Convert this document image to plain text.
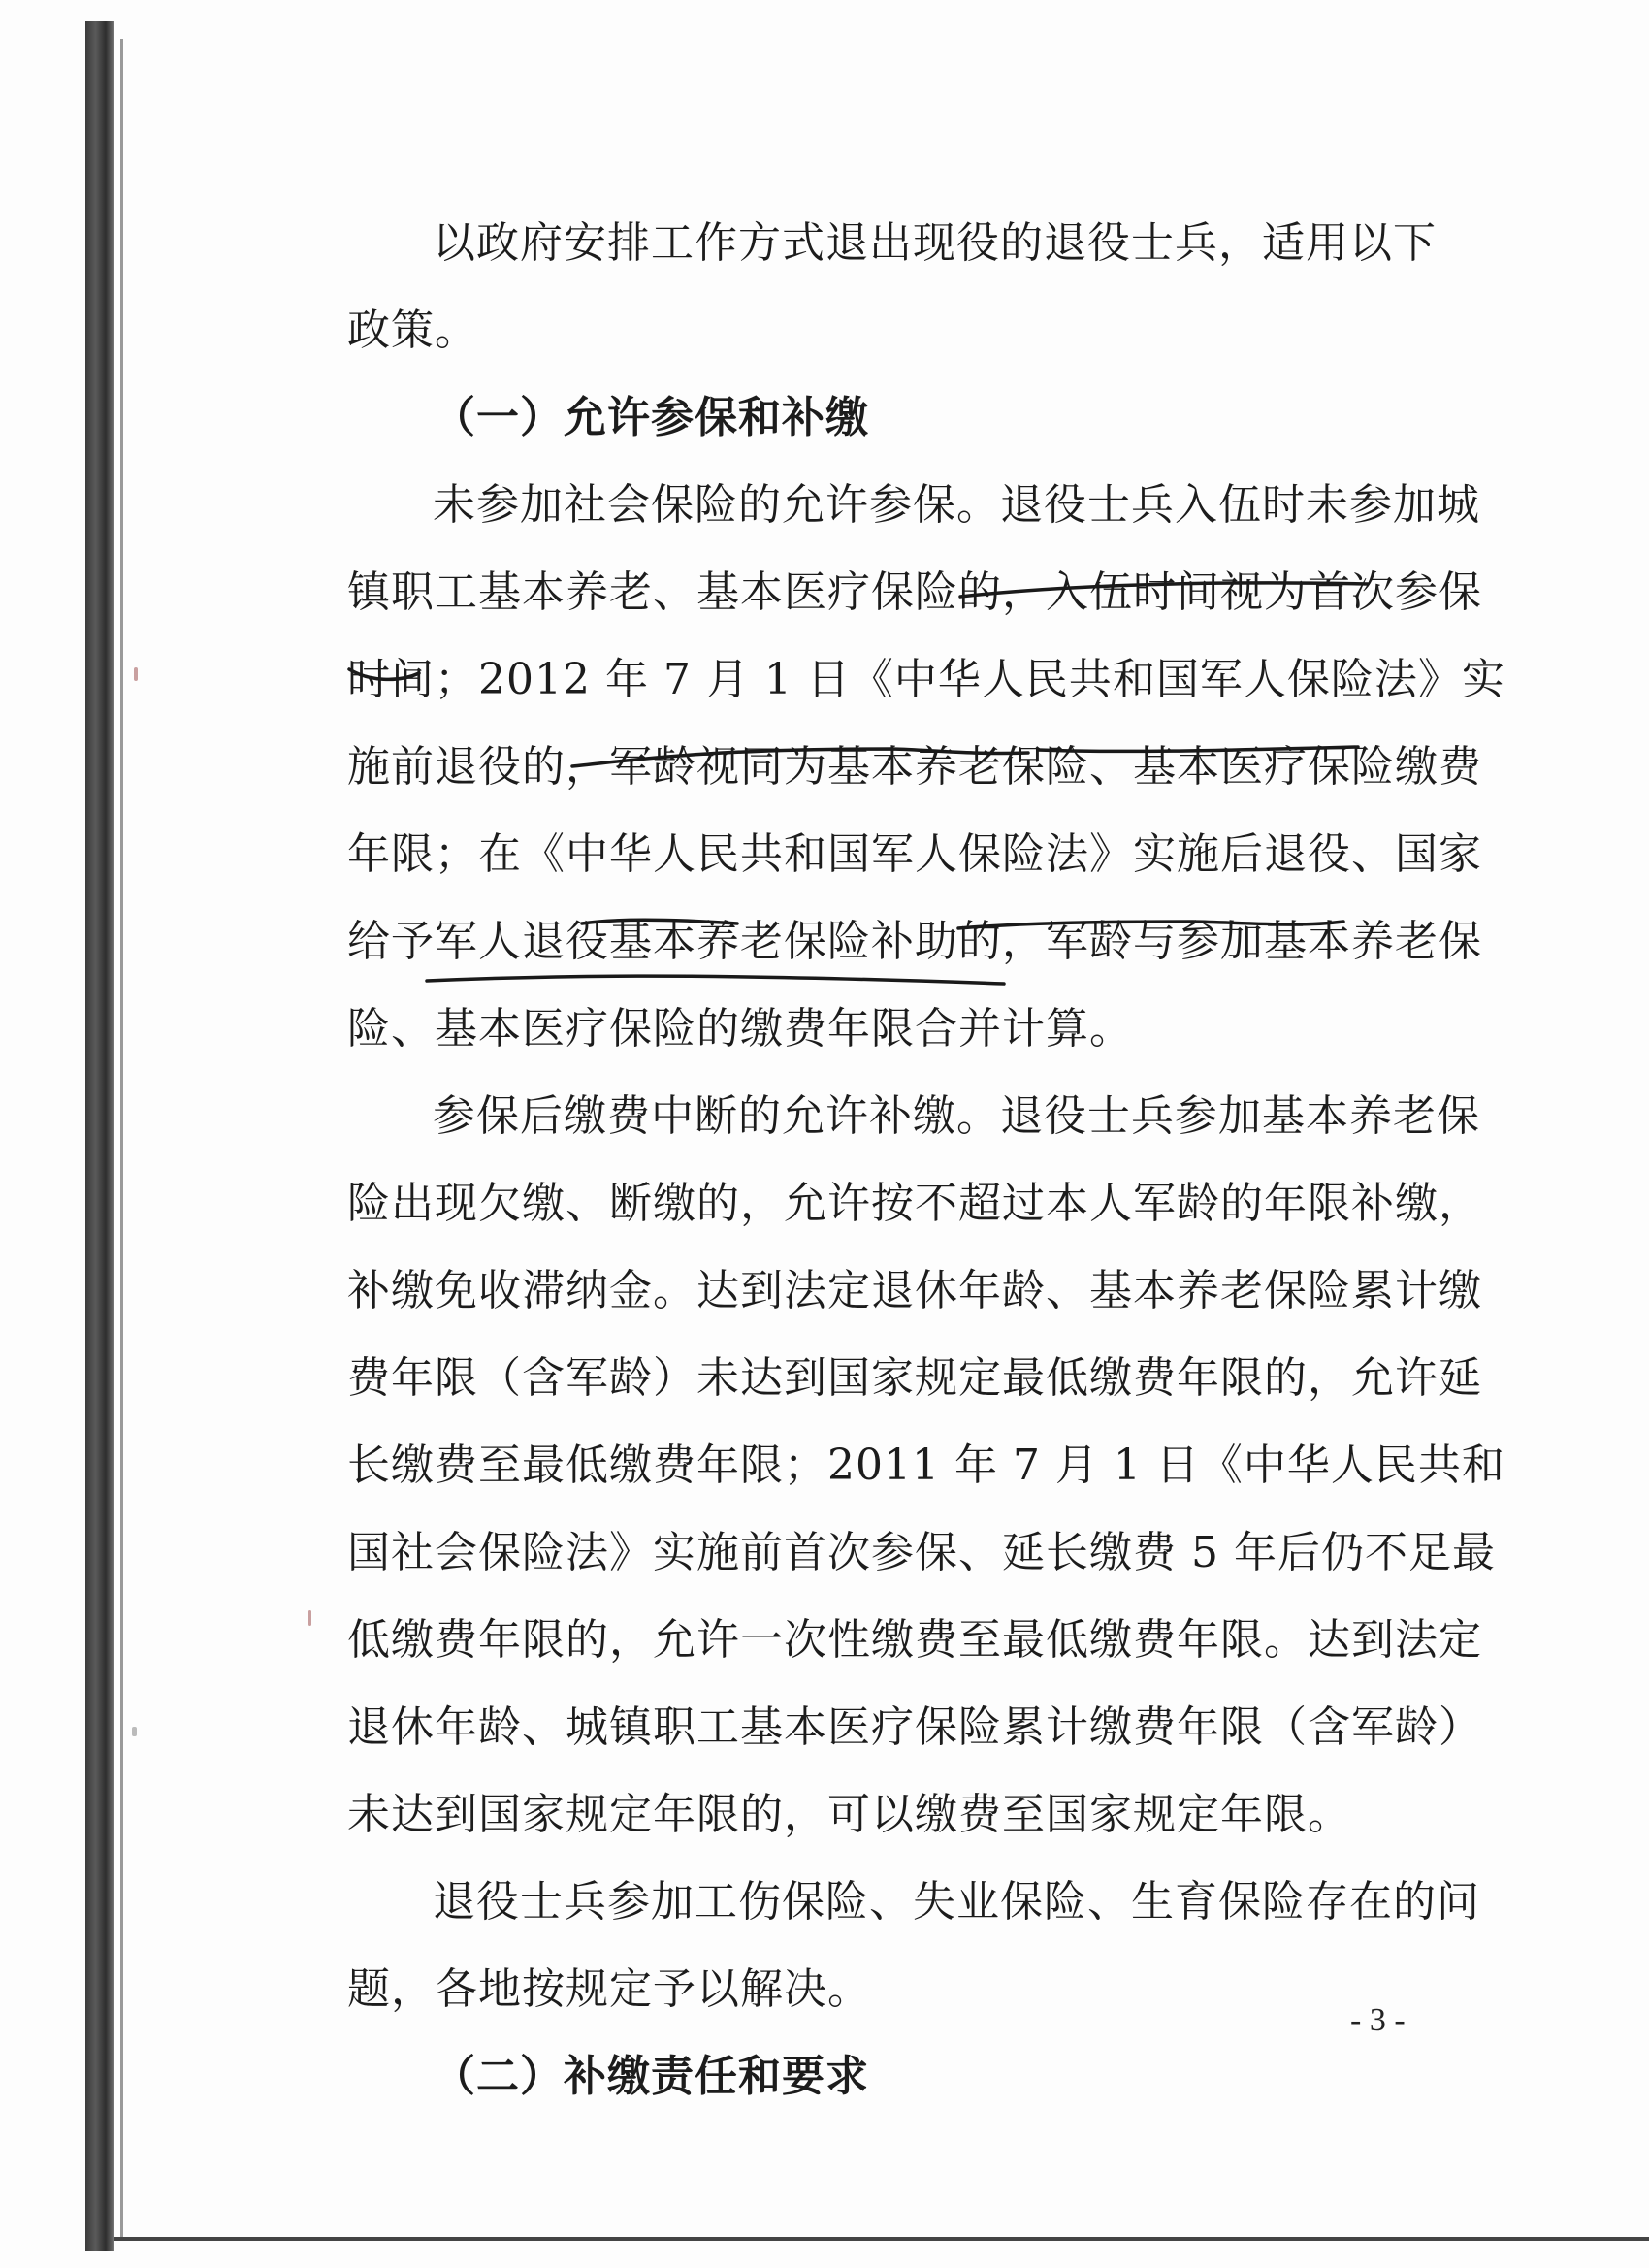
以政府安排工作方式退出现役的退役士兵，适用以下
政策。
（一）允许参保和补缴
未参加社会保险的允许参保。退役士兵入伍时未参加城
镇职工基本养老、基本医疗保险的，入伍时间视为首次参保
时间；2012 年 7 月 1 日《中华人民共和国军人保险法》实
施前退役的，军龄视同为基本养老保险、基本医疗保险缴费
年限；在《中华人民共和国军人保险法》实施后退役、国家
给予军人退役基本养老保险补助的，军龄与参加基本养老保
险、基本医疗保险的缴费年限合并计算。
参保后缴费中断的允许补缴。退役士兵参加基本养老保
险出现欠缴、断缴的，允许按不超过本人军龄的年限补缴，
补缴免收滞纳金。达到法定退休年龄、基本养老保险累计缴
费年限（含军龄）未达到国家规定最低缴费年限的，允许延
长缴费至最低缴费年限；2011 年 7 月 1 日《中华人民共和
国社会保险法》实施前首次参保、延长缴费 5 年后仍不足最
低缴费年限的，允许一次性缴费至最低缴费年限。达到法定
退休年龄、城镇职工基本医疗保险累计缴费年限（含军龄）
未达到国家规定年限的，可以缴费至国家规定年限。
退役士兵参加工伤保险、失业保险、生育保险存在的问
题，各地按规定予以解决。
（二）补缴责任和要求
- 3 -
